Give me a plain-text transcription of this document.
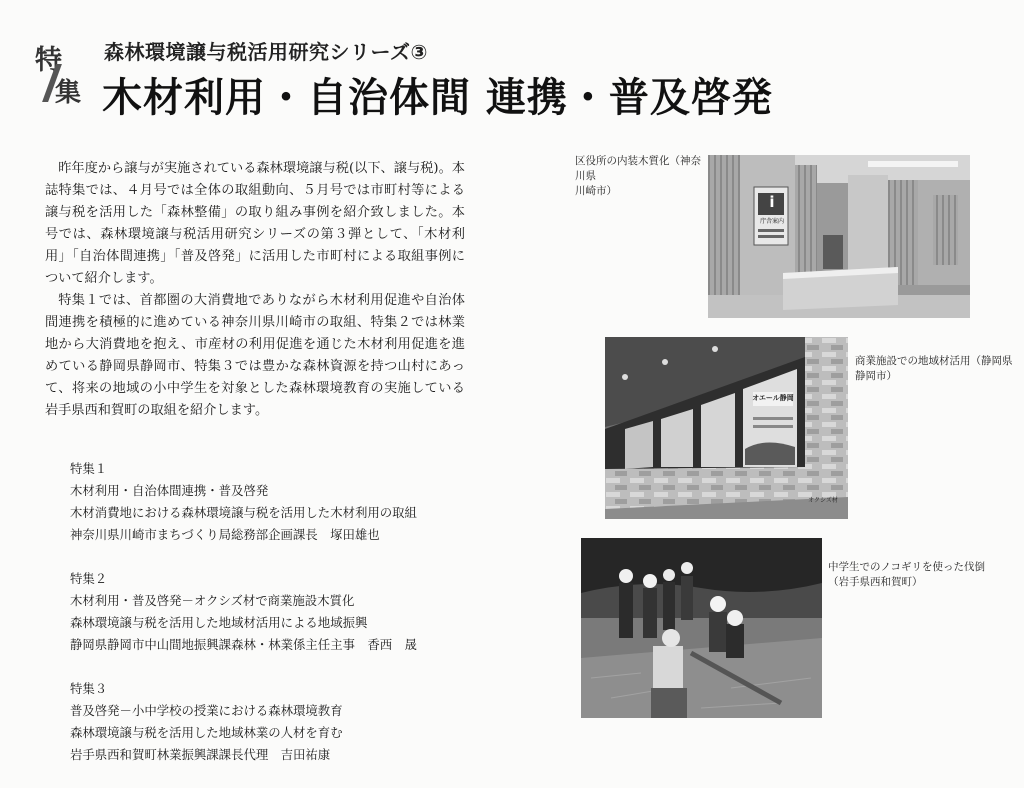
特
集
森林環境譲与税活用研究シリーズ③
木材利用・自治体間 連携・普及啓発

昨年度から譲与が実施されている森林環境譲与税(以下、譲与税)。本誌特集では、４月号では全体の取組動向、５月号では市町村等による譲与税を活用した「森林整備」の取り組み事例を紹介致しました。本号では、森林環境譲与税活用研究シリーズの第３弾として、「木材利用」「自治体間連携」「普及啓発」に活用した市町村による取組事例について紹介します。

特集１では、首都圏の大消費地でありながら木材利用促進や自治体間連携を積極的に進めている神奈川県川崎市の取組、特集２では林業地から大消費地を抱え、市産材の利用促進を通じた木材利用促進を進めている静岡県静岡市、特集３では豊かな森林資源を持つ山村にあって、将来の地域の小中学生を対象とした森林環境教育の実施している岩手県西和賀町の取組を紹介します。

特集１
木材利用・自治体間連携・普及啓発
木材消費地における森林環境譲与税を活用した木材利用の取組
神奈川県川崎市まちづくり局総務部企画課長　塚田雄也
特集２
木材利用・普及啓発－オクシズ材で商業施設木質化
森林環境譲与税を活用した地域材活用による地域振興
静岡県静岡市中山間地振興課森林・林業係主任主事　香西　晟
特集３
普及啓発－小中学校の授業における森林環境教育
森林環境譲与税を活用した地域林業の人材を育む
岩手県西和賀町林業振興課課長代理　吉田祐康
区役所の内装木質化（神奈川県
川崎市）
i
庁舎案内
商業施設での地域材活用（静岡県
静岡市）
オエール静岡
オクシズ材
中学生でのノコギリを使った伐倒
（岩手県西和賀町）
